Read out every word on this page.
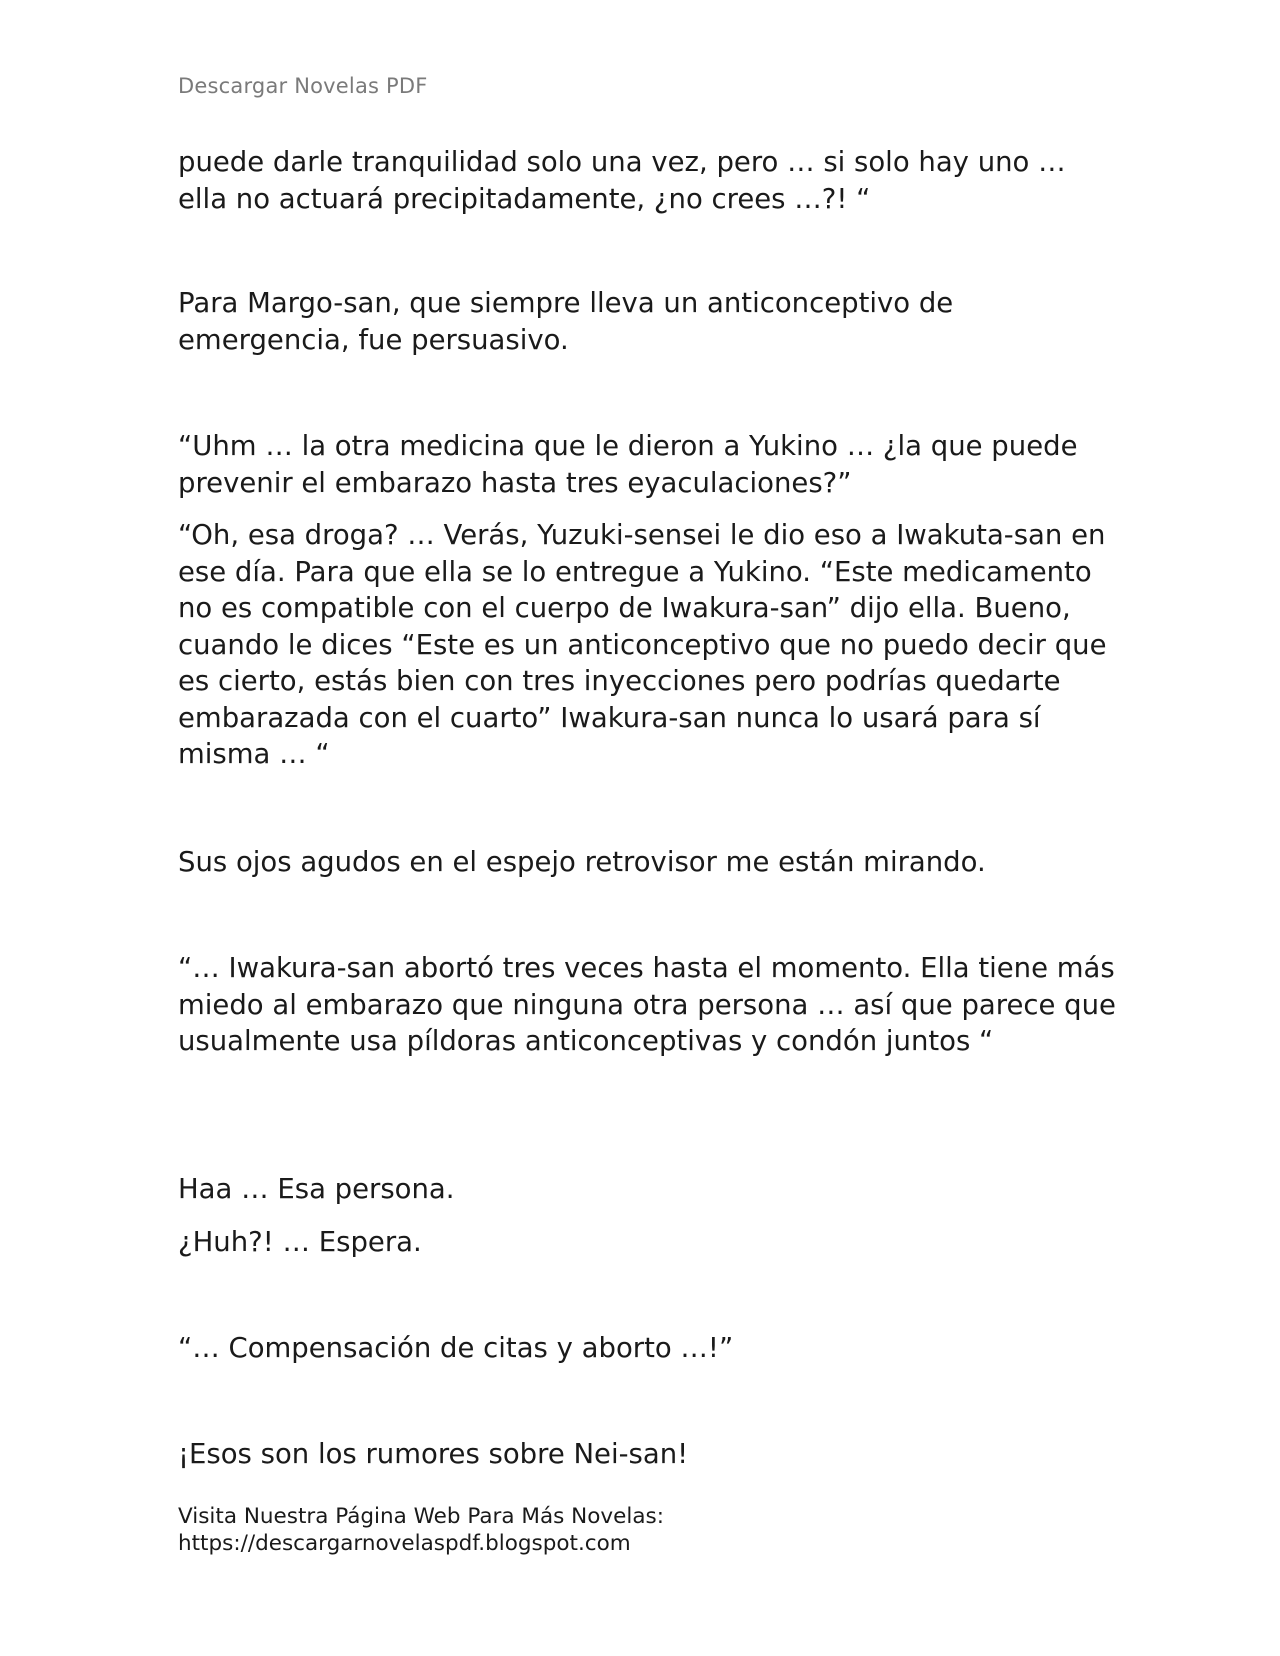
Descargar Novelas PDF

puede darle tranquilidad solo una vez, pero … si solo hay uno … ella no actuará precipitadamente, ¿no crees …?! “

Para Margo-san, que siempre lleva un anticonceptivo de emergencia, fue persuasivo.

“Uhm … la otra medicina que le dieron a Yukino … ¿la que puede prevenir el embarazo hasta tres eyaculaciones?”

“Oh, esa droga? … Verás, Yuzuki-sensei le dio eso a Iwakuta-san en ese día. Para que ella se lo entregue a Yukino. “Este medicamento no es compatible con el cuerpo de Iwakura-san” dijo ella. Bueno, cuando le dices “Este es un anticonceptivo que no puedo decir que es cierto, estás bien con tres inyecciones pero podrías quedarte embarazada con el cuarto” Iwakura-san nunca lo usará para sí misma … “

Sus ojos agudos en el espejo retrovisor me están mirando.

“… Iwakura-san abortó tres veces hasta el momento. Ella tiene más miedo al embarazo que ninguna otra persona … así que parece que usualmente usa píldoras anticonceptivas y condón juntos “

Haa … Esa persona.

¿Huh?! … Espera.

“… Compensación de citas y aborto …!”

¡Esos son los rumores sobre Nei-san!

Visita Nuestra Página Web Para Más Novelas:
https://descargarnovelaspdf.blogspot.com
